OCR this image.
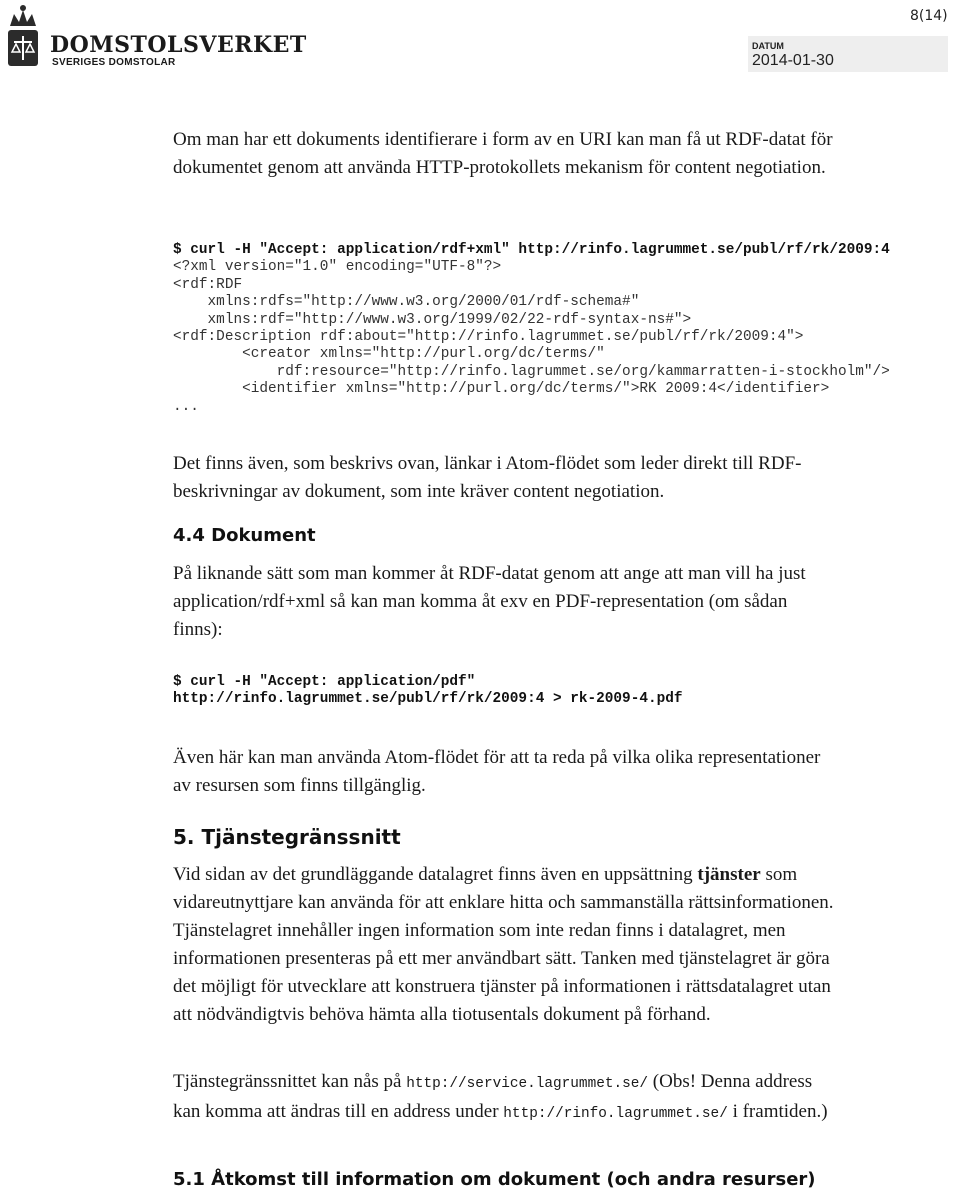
DOMSTOLSVERKET
SVERIGES DOMSTOLAR
8(14)
DATUM
2014-01-30

Om man har ett dokuments identifierare i form av en URI kan man få ut RDF-datat för dokumentet genom att använda HTTP-protokollets mekanism för content negotiation.

$ curl -H "Accept: application/rdf+xml" http://rinfo.lagrummet.se/publ/rf/rk/2009:4
<?xml version="1.0" encoding="UTF-8"?>
<rdf:RDF
xmlns:rdfs="http://www.w3.org/2000/01/rdf-schema#"
xmlns:rdf="http://www.w3.org/1999/02/22-rdf-syntax-ns#">
<rdf:Description rdf:about="http://rinfo.lagrummet.se/publ/rf/rk/2009:4">
<creator xmlns="http://purl.org/dc/terms/"
rdf:resource="http://rinfo.lagrummet.se/org/kammarratten-i-stockholm"/>
<identifier xmlns="http://purl.org/dc/terms/">RK 2009:4</identifier>
...

Det finns även, som beskrivs ovan, länkar i Atom-flödet som leder direkt till RDF-beskrivningar av dokument, som inte kräver content negotiation.

4.4 Dokument

På liknande sätt som man kommer åt RDF-datat genom att ange att man vill ha just application/rdf+xml så kan man komma åt exv en PDF-representation (om sådan finns):

$ curl -H "Accept: application/pdf"
http://rinfo.lagrummet.se/publ/rf/rk/2009:4 > rk-2009-4.pdf

Även här kan man använda Atom-flödet för att ta reda på vilka olika representationer av resursen som finns tillgänglig.

5. Tjänstegränssnitt

Vid sidan av det grundläggande datalagret finns även en uppsättning tjänster som vidareutnyttjare kan använda för att enklare hitta och sammanställa rättsinformationen. Tjänstelagret innehåller ingen information som inte redan finns i datalagret, men informationen presenteras på ett mer användbart sätt. Tanken med tjänstelagret är göra det möjligt för utvecklare att konstruera tjänster på informationen i rättsdatalagret utan att nödvändigtvis behöva hämta alla tiotusentals dokument på förhand.

Tjänstegränssnittet kan nås på http://service.lagrummet.se/ (Obs! Denna address kan komma att ändras till en address under http://rinfo.lagrummet.se/ i framtiden.)

5.1 Åtkomst till information om dokument (och andra resurser)
